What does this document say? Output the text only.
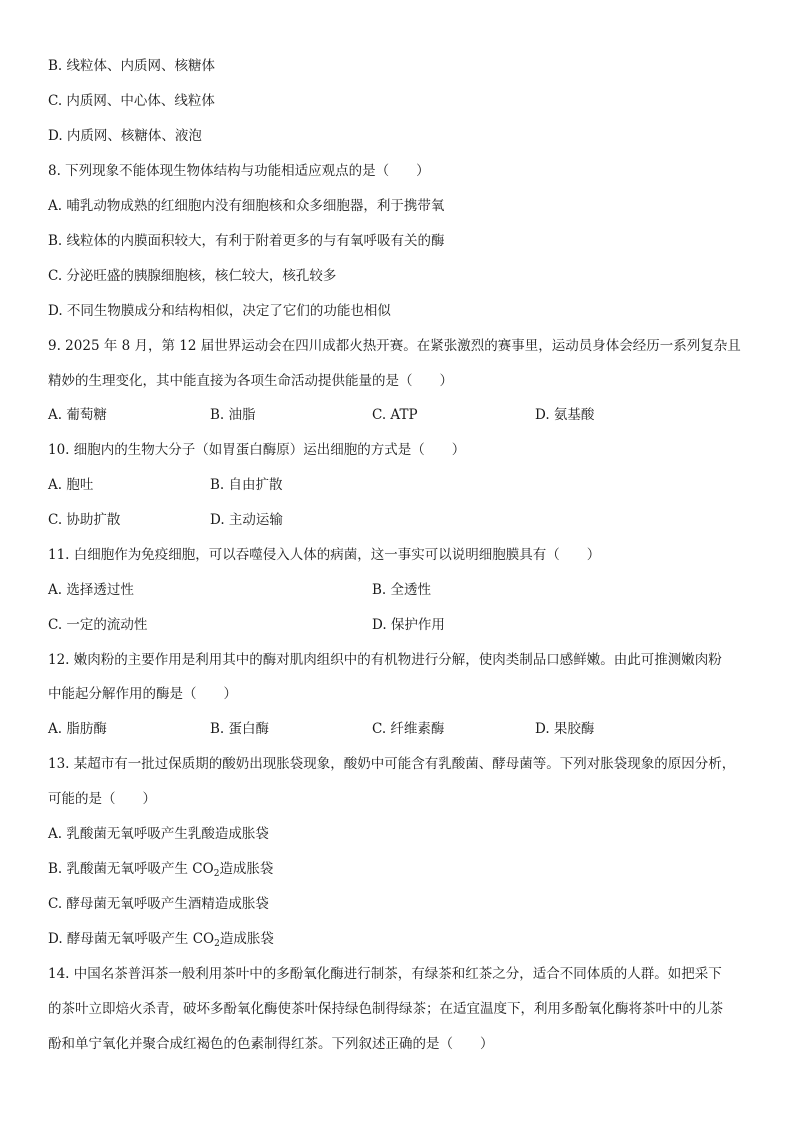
B. 线粒体、内质网、核糖体
C. 内质网、中心体、线粒体
D. 内质网、核糖体、液泡
8. 下列现象不能体现生物体结构与功能相适应观点的是（　　）
A. 哺乳动物成熟的红细胞内没有细胞核和众多细胞器，利于携带氧
B. 线粒体的内膜面积较大，有利于附着更多的与有氧呼吸有关的酶
C. 分泌旺盛的胰腺细胞核，核仁较大，核孔较多
D. 不同生物膜成分和结构相似，决定了它们的功能也相似
9. 2025 年 8 月，第 12 届世界运动会在四川成都火热开赛。在紧张激烈的赛事里，运动员身体会经历一系列复杂且
精妙的生理变化，其中能直接为各项生命活动提供能量的是（　　）
A. 葡萄糖	B. 油脂	C. ATP	D. 氨基酸
10. 细胞内的生物大分子（如胃蛋白酶原）运出细胞的方式是（　　）
A. 胞吐	B. 自由扩散
C. 协助扩散	D. 主动运输
11. 白细胞作为免疫细胞，可以吞噬侵入人体的病菌，这一事实可以说明细胞膜具有（　　）
A. 选择透过性	B. 全透性
C. 一定的流动性	D. 保护作用
12. 嫩肉粉的主要作用是利用其中的酶对肌肉组织中的有机物进行分解，使肉类制品口感鲜嫩。由此可推测嫩肉粉
中能起分解作用的酶是（　　）
A. 脂肪酶	B. 蛋白酶	C. 纤维素酶	D. 果胶酶
13. 某超市有一批过保质期的酸奶出现胀袋现象，酸奶中可能含有乳酸菌、酵母菌等。下列对胀袋现象的原因分析，
可能的是（　　）
A. 乳酸菌无氧呼吸产生乳酸造成胀袋
B. 乳酸菌无氧呼吸产生 $CO_2$造成胀袋
C. 酵母菌无氧呼吸产生酒精造成胀袋
D. 酵母菌无氧呼吸产生 $CO_2$造成胀袋
14. 中国名茶普洱茶一般利用茶叶中的多酚氧化酶进行制茶，有绿茶和红茶之分，适合不同体质的人群。如把采下
的茶叶立即焙火杀青，破坏多酚氧化酶使茶叶保持绿色制得绿茶；在适宜温度下，利用多酚氧化酶将茶叶中的儿茶
酚和单宁氧化并聚合成红褐色的色素制得红茶。下列叙述正确的是（　　）
